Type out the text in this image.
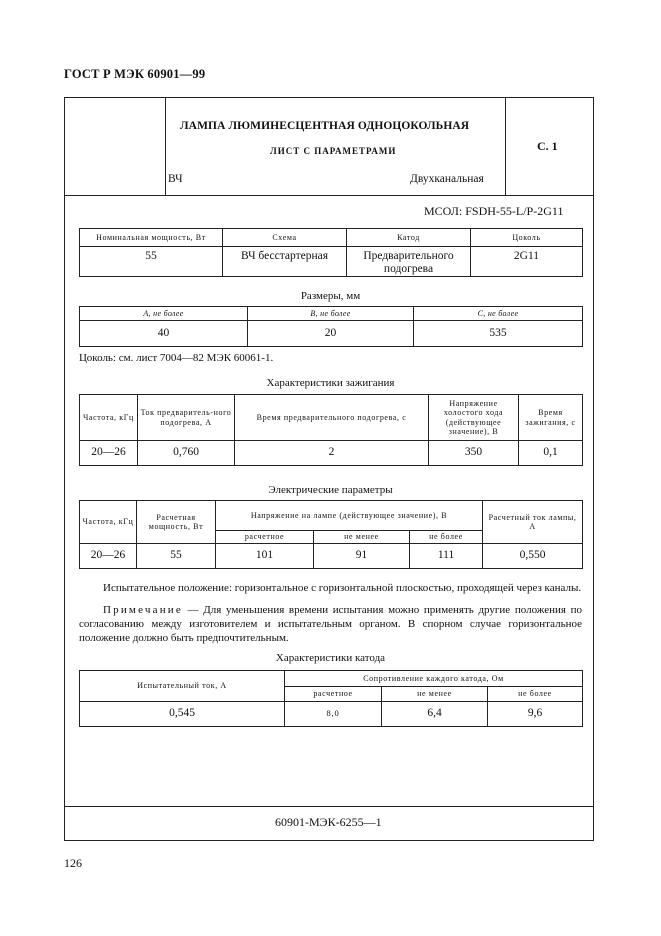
ГОСТ Р МЭК 60901—99
ЛАМПА ЛЮМИНЕСЦЕНТНАЯ ОДНОЦОКОЛЬНАЯ
ЛИСТ С ПАРАМЕТРАМИ
ВЧ	Двухканальная
С. 1
МСОЛ: FSDH-55-L/P-2G11
Номинальная мощность, Вт	Схема	Катод	Цоколь
55	ВЧ бесстартерная	Предварительного подогрева	2G11
Размеры, мм
А, не более	В, не более	С, не более
40	20	535
Цоколь: см. лист 7004—82 МЭК 60061-1.
Характеристики зажигания
Частота, кГц	Ток предваритель-ного подогрева, А	Время предварительного подогрева, с	Напряжение холостого хода (действующее значение), В	Время зажигания, с
20—26	0,760	2	350	0,1
Электрические параметры
Частота, кГц	Расчетная мощность, Вт	Напряжение на лампе (действующее значение), В			Расчетный ток лампы, А
		расчетное	не менее	не более	
20—26	55	101	91	111	0,550
Испытательное положение: горизонтальное с горизонтальной плоскостью, проходящей через каналы.
Примечание — Для уменьшения времени испытания можно применять другие положения по согласованию между изготовителем и испытательным органом. В спорном случае горизонтальное положение должно быть предпочтительным.
Характеристики катода
Испытательный ток, А	Сопротивление каждого катода, Ом		
	расчетное	не менее	не более
0,545	8,0	6,4	9,6
60901-МЭК-6255—1
126
